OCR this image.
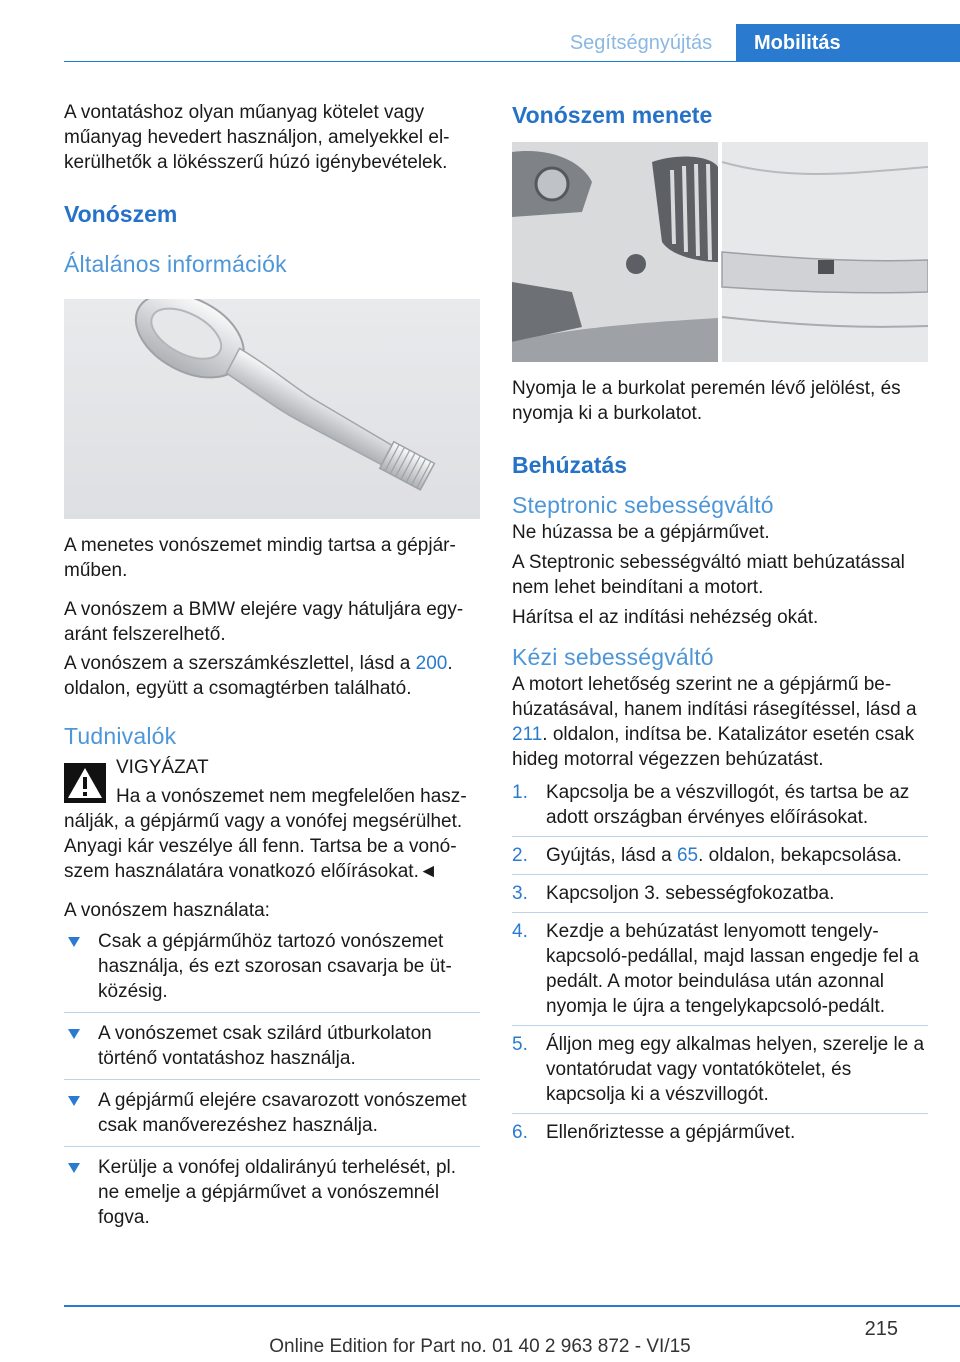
Segítségnyújtás	Mobilitás

A vontatáshoz olyan műanyag kötelet vagy műanyag hevedert használjon, amelyekkel elkerülhetők a lökésszerű húzó igénybevételek.

Vonószem
Általános információk

A menetes vonószemet mindig tartsa a gépjárműben.

A vonószem a BMW elejére vagy hátuljára egyaránt felszerelhető.

A vonószem a szerszámkészlettel, lásd a 200. oldalon, együtt a csomagtérben található.

Tudnivalók

VIGYÁZAT

Ha a vonószemet nem megfelelően használják, a gépjármű vagy a vonófej megsérülhet. Anyagi kár veszélye áll fenn. Tartsa be a vonószem használatára vonatkozó előírásokat.◄

A vonószem használata:

Csak a gépjárműhöz tartozó vonószemet használja, és ezt szorosan csavarja be ütközésig.
A vonószemet csak szilárd útburkolaton történő vontatáshoz használja.
A gépjármű elejére csavarozott vonószemet csak manőverezéshez használja.
Kerülje a vonófej oldalirányú terhelését, pl. ne emelje a gépjárművet a vonószemnél fogva.
Vonószem menete

Nyomja le a burkolat peremén lévő jelölést, és nyomja ki a burkolatot.

Behúzatás
Steptronic sebességváltó

Ne húzassa be a gépjárművet.

A Steptronic sebességváltó miatt behúzatással nem lehet beindítani a motort.

Hárítsa el az indítási nehézség okát.

Kézi sebességváltó

A motort lehetőség szerint ne a gépjármű behúzatásával, hanem indítási rásegítéssel, lásd a 211. oldalon, indítsa be. Katalizátor esetén csak hideg motorral végezzen behúzatást.

1. Kapcsolja be a vészvillogót, és tartsa be az adott országban érvényes előírásokat.
2. Gyújtás, lásd a 65. oldalon, bekapcsolása.
3. Kapcsoljon 3. sebességfokozatba.
4. Kezdje a behúzatást lenyomott tengelykapcsoló-pedállal, majd lassan engedje fel a pedált. A motor beindulása után azonnal nyomja le újra a tengelykapcsoló-pedált.
5. Álljon meg egy alkalmas helyen, szerelje le a vontatórudat vagy vontatókötelet, és kapcsolja ki a vészvillogót.
6. Ellenőriztesse a gépjárművet.
215
Online Edition for Part no. 01 40 2 963 872 - VI/15
